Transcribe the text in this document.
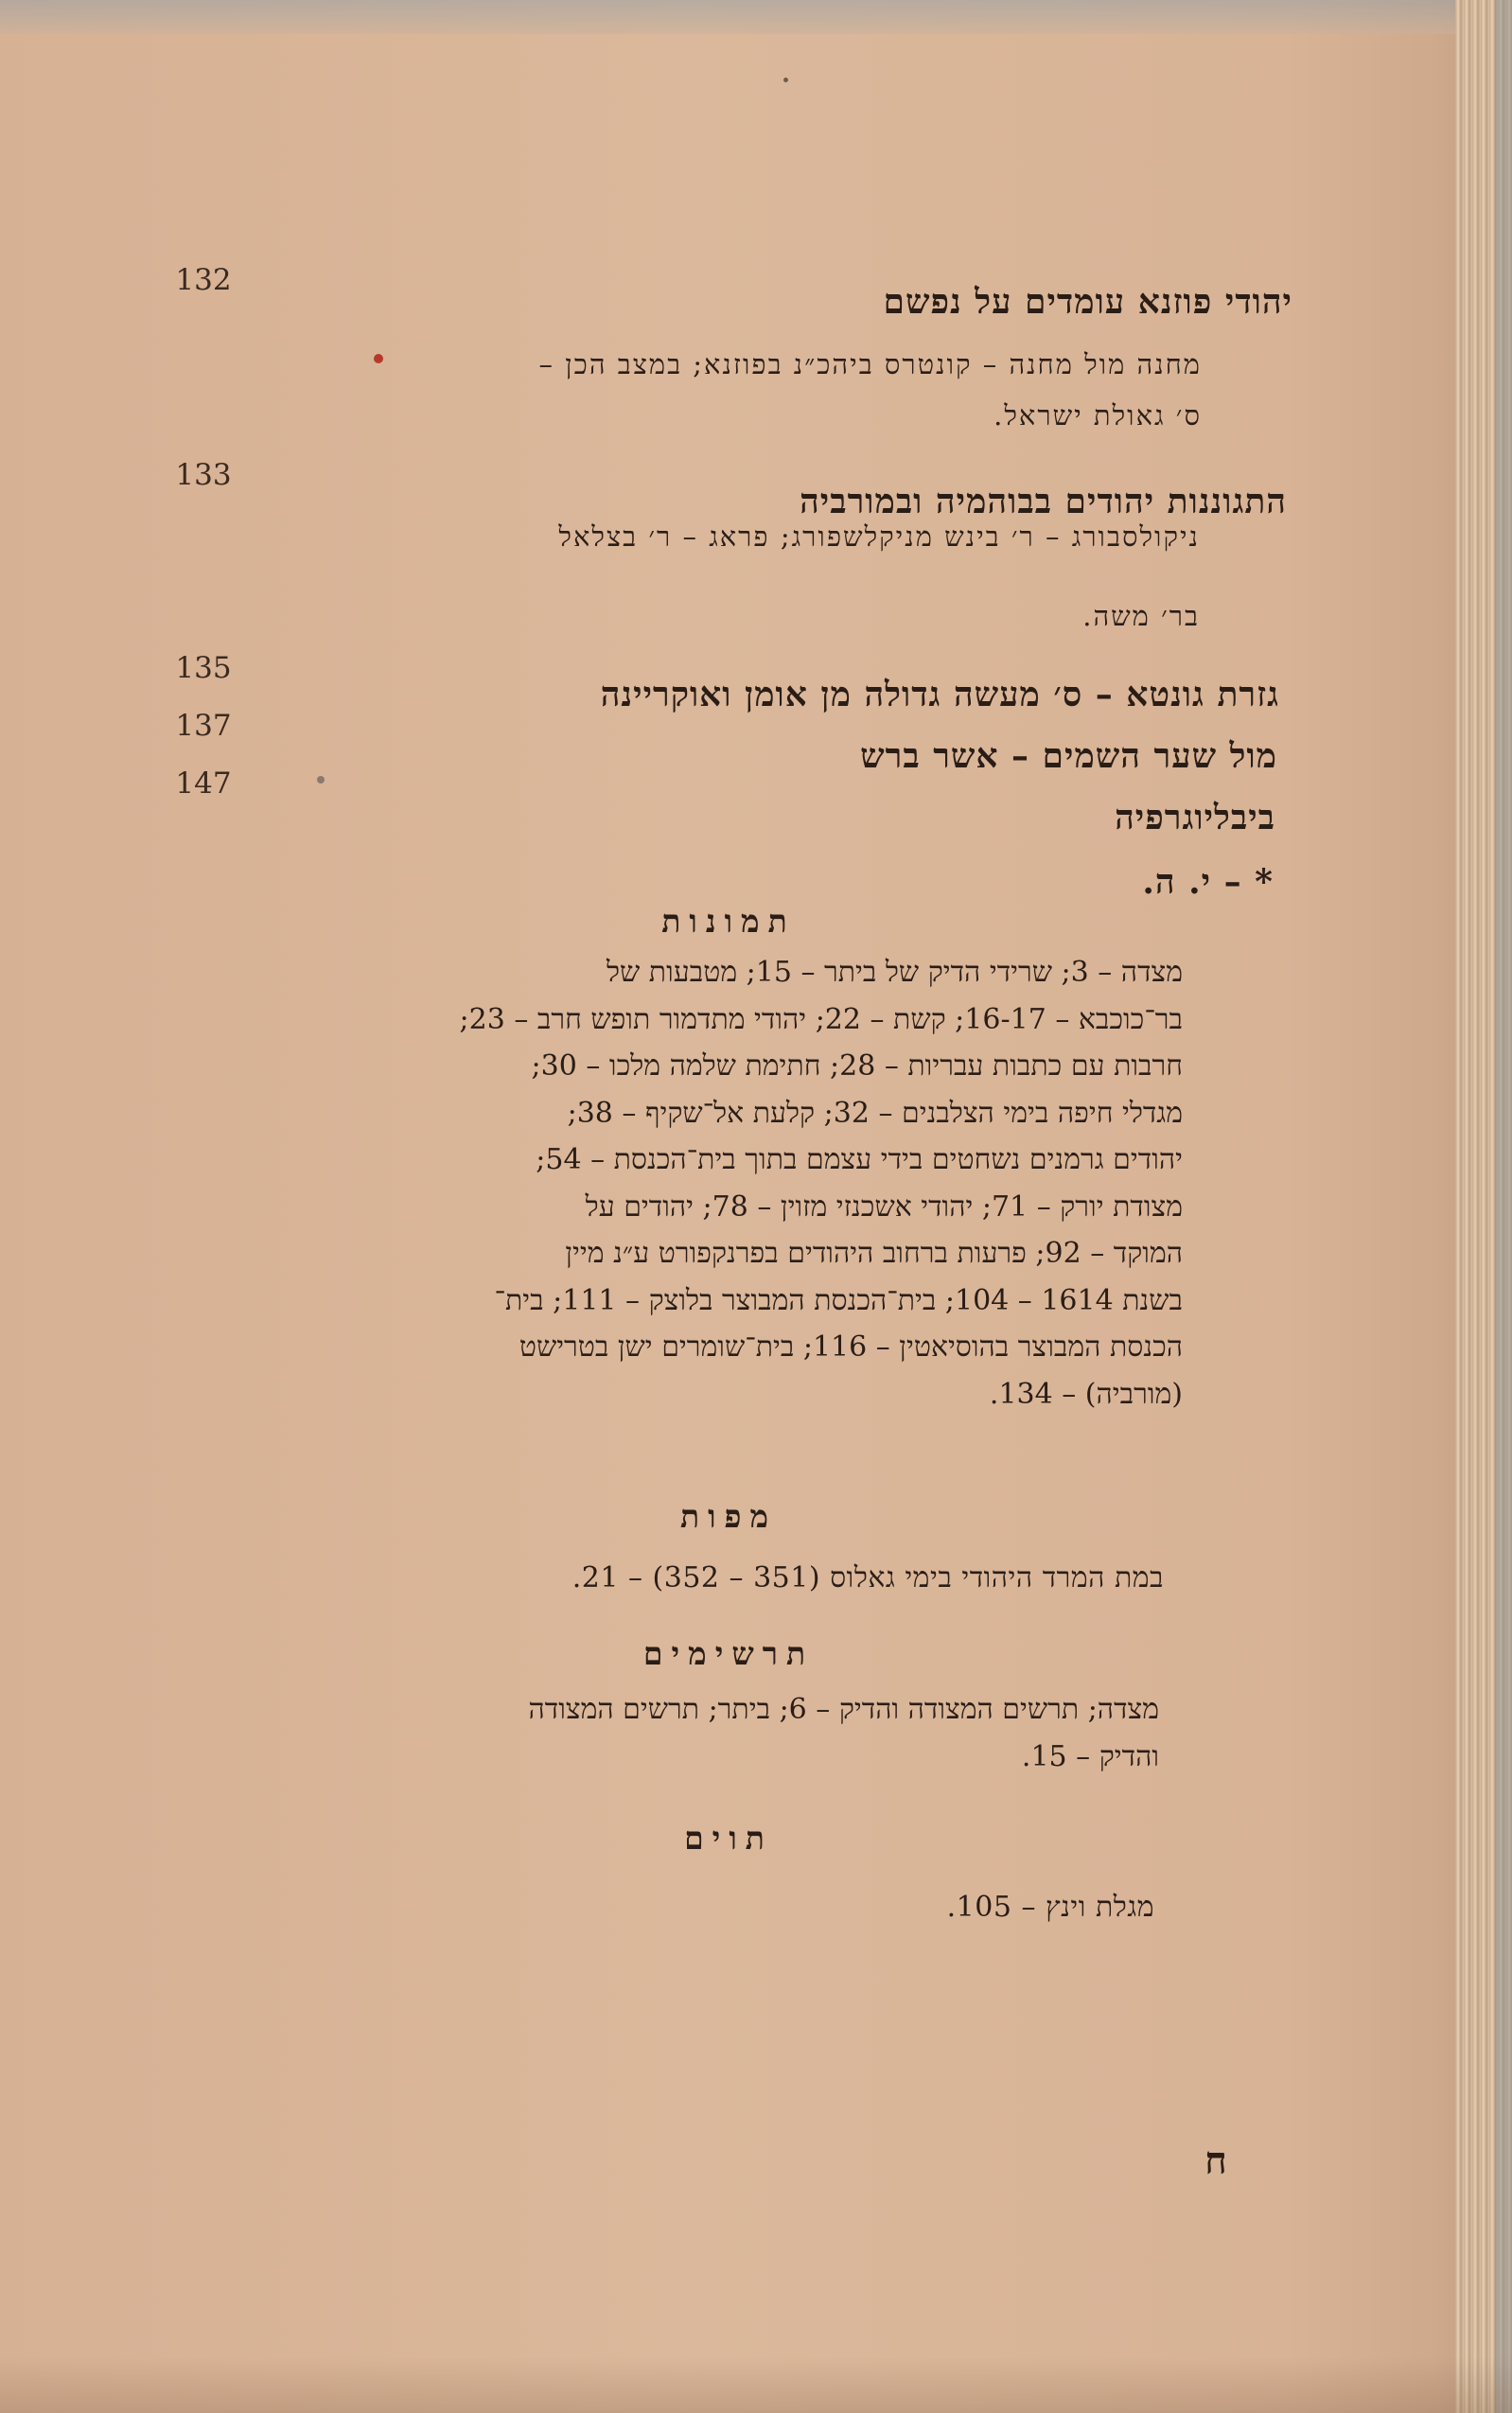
132
יהודי פוזנא עומדים על נפשם
מחנה מול מחנה – קונטרס ביהכ״נ בפוזנא; במצב הכן –
ס׳ גאולת ישראל.
133
התגוננות יהודים בבוהמיה ובמורביה
ניקולסבורג – ר׳ בינש מניקלשפורג; פראג – ר׳ בצלאל
בר׳ משה.
135
גזרת גונטא – ס׳ מעשה גדולה מן אומן ואוקריינה
137
מול שער השמים – אשר ברש
147
ביבליוגרפיה
* – י. ה.
תמונות
מצדה – 3; שרידי הדיק של ביתר – 15; מטבעות של
בר־כוכבא – 16-17; קשת – 22; יהודי מתדמור תופש חרב – 23;
חרבות עם כתבות עבריות – 28; חתימת שלמה מלכו – 30;
מגדלי חיפה בימי הצלבנים – 32; קלעת אל־שקיף – 38;
יהודים גרמנים נשחטים בידי עצמם בתוך בית־הכנסת – 54;
מצודת יורק – 71; יהודי אשכנזי מזוין – 78; יהודים על
המוקד – 92; פרעות ברחוב היהודים בפרנקפורט ע״נ מיין
בשנת 1614 – 104; בית־הכנסת המבוצר בלוצק – 111; בית־
הכנסת המבוצר בהוסיאטין – 116; בית־שומרים ישן בטרישט
(מורביה) – 134.
מפות
במת המרד היהודי בימי גאלוס (351 – 352) – 21.
תרשימים
מצדה; תרשים המצודה והדיק – 6; ביתר; תרשים המצודה
והדיק – 15.
תוים
מגלת וינץ – 105.
ח
